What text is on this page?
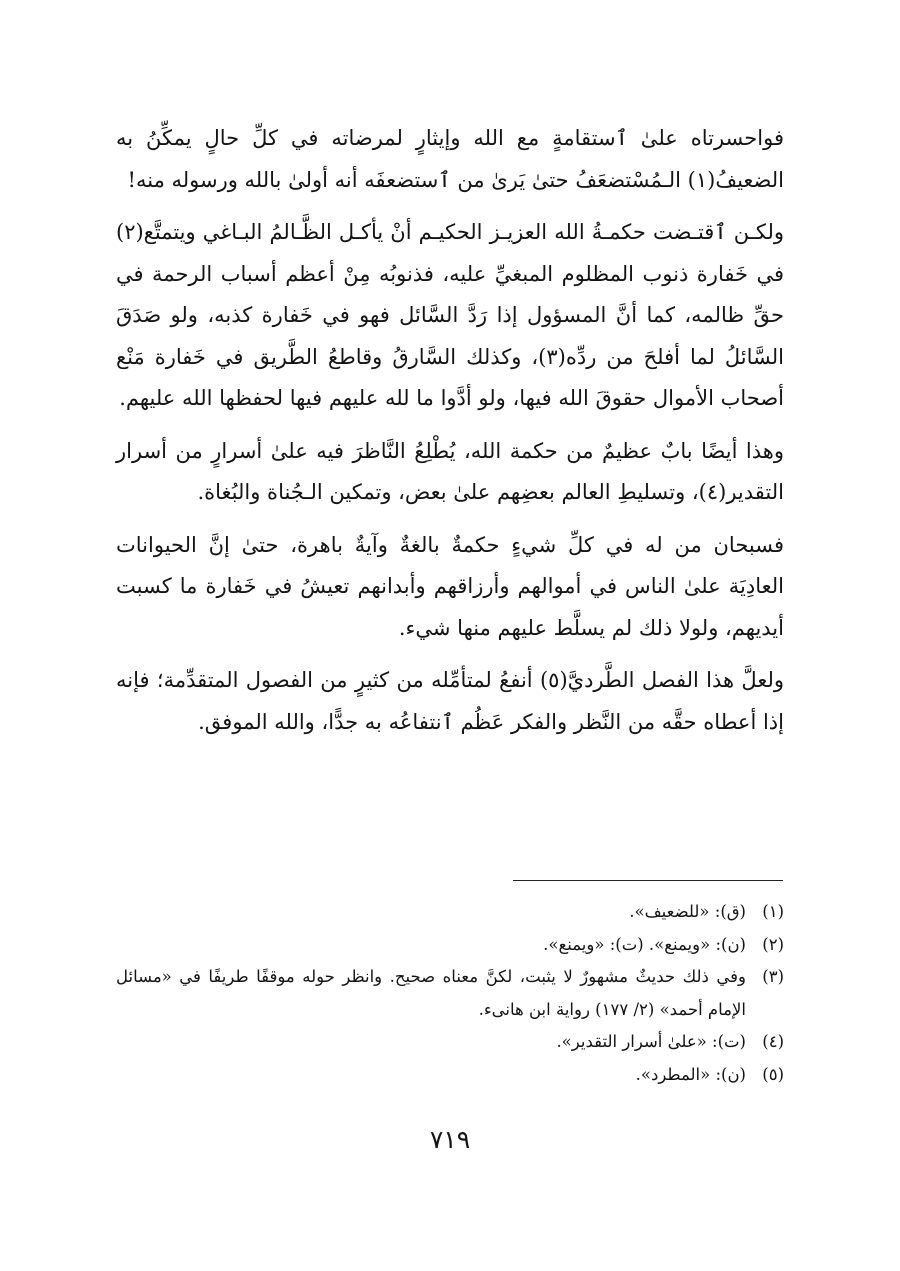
فواحسرتاه علىٰ ٱستقامةٍ مع الله وإيثارٍ لمرضاته في كلِّ حالٍ يمكِّنُ به الضعيفُ(١) الـمُسْتضعَفُ حتىٰ يَرىٰ من ٱستضعفَه أنه أولىٰ بالله ورسوله منه!

ولكـن ٱقتـضت حكمـةُ الله العزيـز الحكيـم أنْ يأكـل الظَّـالمُ البـاغي ويتمتَّع(٢) في خَفارة ذنوب المظلوم المبغيِّ عليه، فذنوبُه مِنْ أعظم أسباب الرحمة في حقِّ ظالمه، كما أنَّ المسؤول إذا رَدَّ السَّائل فهو في خَفارة كذبه، ولو صَدَقَ السَّائلُ لما أفلحَ من ردِّه(٣)، وكذلك السَّارقُ وقاطعُ الطَّريق في خَفارة مَنْع أصحاب الأموال حقوقَ الله فيها، ولو أدَّوا ما لله عليهم فيها لحفظها الله عليهم.

وهذا أيضًا بابٌ عظيمٌ من حكمة الله، يُطْلِعُ النَّاظرَ فيه علىٰ أسرارٍ من أسرار التقدير(٤)، وتسليطِ العالم بعضِهم علىٰ بعض، وتمكين الـجُناة والبُغاة.

فسبحان من له في كلِّ شيءٍ حكمةٌ بالغةٌ وآيةٌ باهرة، حتىٰ إنَّ الحيوانات العادِيَة علىٰ الناس في أموالهم وأرزاقهم وأبدانهم تعيشُ في خَفارة ما كسبت أيديهم، ولولا ذلك لم يسلَّط عليهم منها شيء.

ولعلَّ هذا الفصل الطَّرديَّ(٥) أنفعُ لمتأمِّله من كثيرٍ من الفصول المتقدِّمة؛ فإنه إذا أعطاه حقَّه من النَّظر والفكر عَظُم ٱنتفاعُه به جدًّا، والله الموفق.

(١)
(ق): «للضعيف».
(٢)
(ن): «ويمنع». (ت): «ويمنع».
(٣)
وفي ذلك حديثٌ مشهورٌ لا يثبت، لكنَّ معناه صحيح. وانظر حوله موقفًا طريفًا في «مسائل الإمام أحمد» (٢/ ١٧٧) رواية ابن هانىء.
(٤)
(ت): «علىٰ أسرار التقدير».
(٥)
(ن): «المطرد».
٧١٩
